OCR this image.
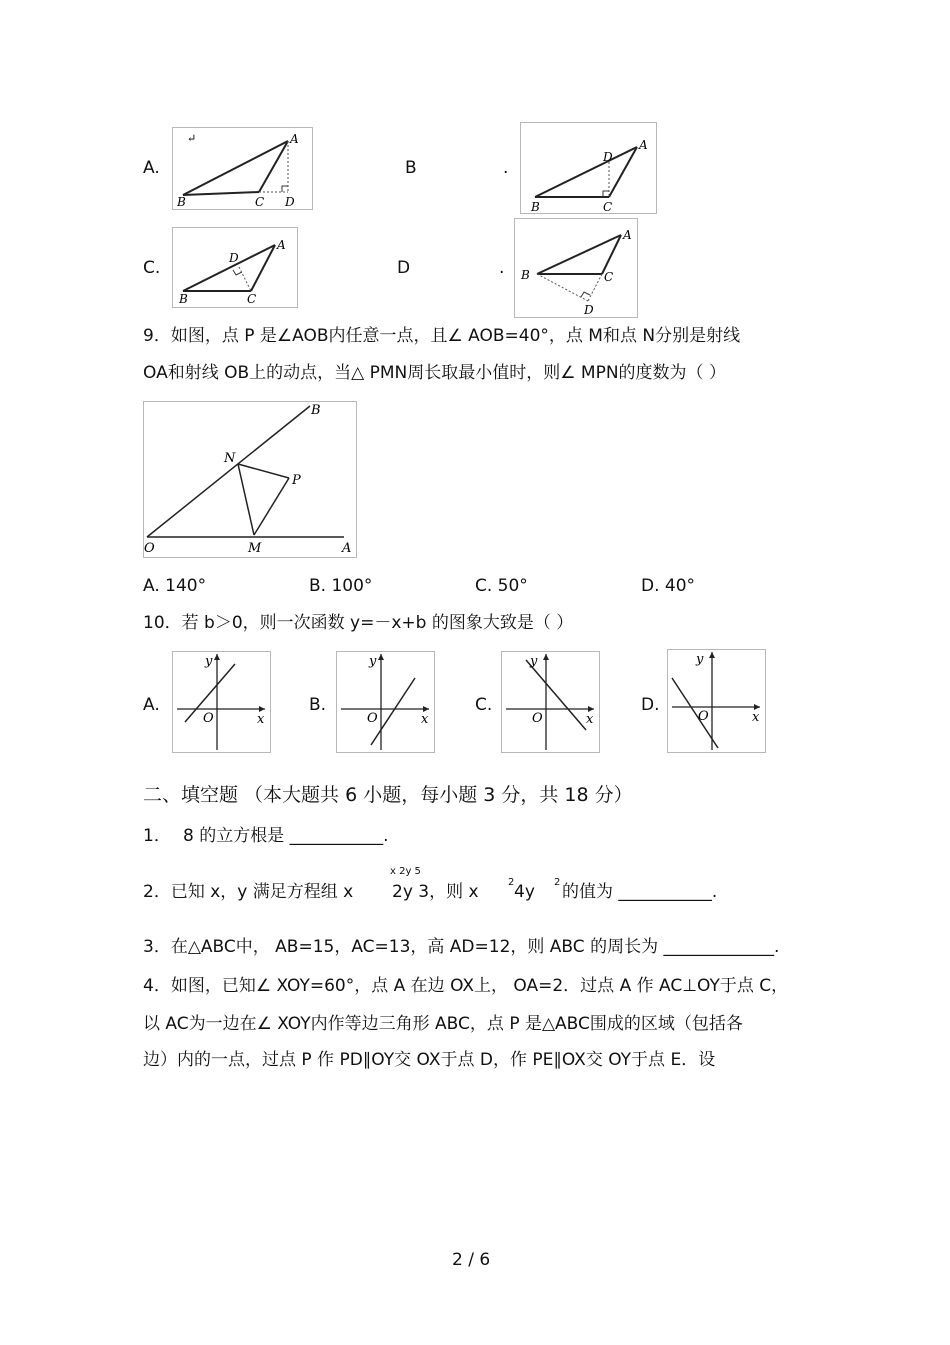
A.
↵	A
B	C D
B	.
A
B	C
D
C.
A
B	C
D	D	.
A
B	C
D
9．如图，点 P 是∠AOB内任意一点，且∠ AOB=40°，点 M和点 N分别是射线
OA和射线 OB上的动点，当△ PMN周长取最小值时，则∠ MPN的度数为（ ）
B
N
P
O	M	A
A. 140°	B. 100°	C. 50°	D. 40°
10．若 b＞0，则一次函数 y=－x+b 的图象大致是（ ）
A.
y
x
O
B.
y
x
O
C.
y
x
O
D.
y
x
O
二、填空题 （本大题共 6 小题，每小题 3 分，共 18 分）
1． 8 的立方根是 ___________.
2．已知 x，y 满足方程组 x
x 2y 5
2y 3，则 x	2 4y 2 的值为 ___________.
3．在△ABC中， AB=15，AC=13，高 AD=12，则 ABC 的周长为 _____________.
4．如图，已知∠ XOY=60°，点 A 在边 OX上， OA=2．过点 A 作 AC⊥OY于点 C，
以 AC为一边在∠ XOY内作等边三角形 ABC，点 P 是△ABC围成的区域（包括各
边）内的一点，过点 P 作 PD∥OY交 OX于点 D，作 PE∥OX交 OY于点 E．设
2 / 6
